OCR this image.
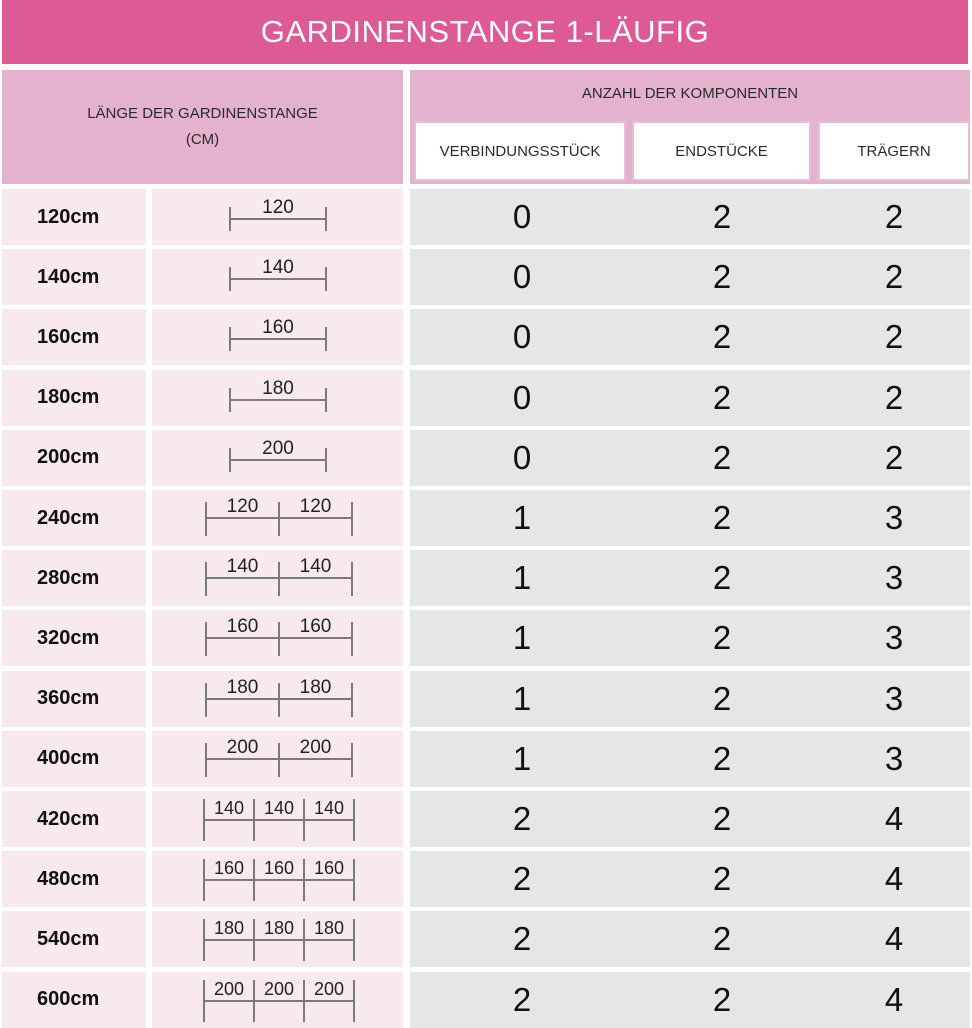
GARDINENSTANGE 1-LÄUFIG
LÄNGE DER GARDINENSTANGE
(CM)
ANZAHL DER KOMPONENTEN
VERBINDUNGSSTÜCK	ENDSTÜCKE	TRÄGERN
120cm	120	0	2	2
140cm	140	0	2	2
160cm	160	0	2	2
180cm	180	0	2	2
200cm	200	0	2	2
240cm	120 120	1	2	3
280cm	140 140	1	2	3
320cm	160 160	1	2	3
360cm	180 180	1	2	3
400cm	200 200	1	2	3
420cm	140 140 140	2	2	4
480cm	160 160 160	2	2	4
540cm	180 180 180	2	2	4
600cm	200 200 200	2	2	4
